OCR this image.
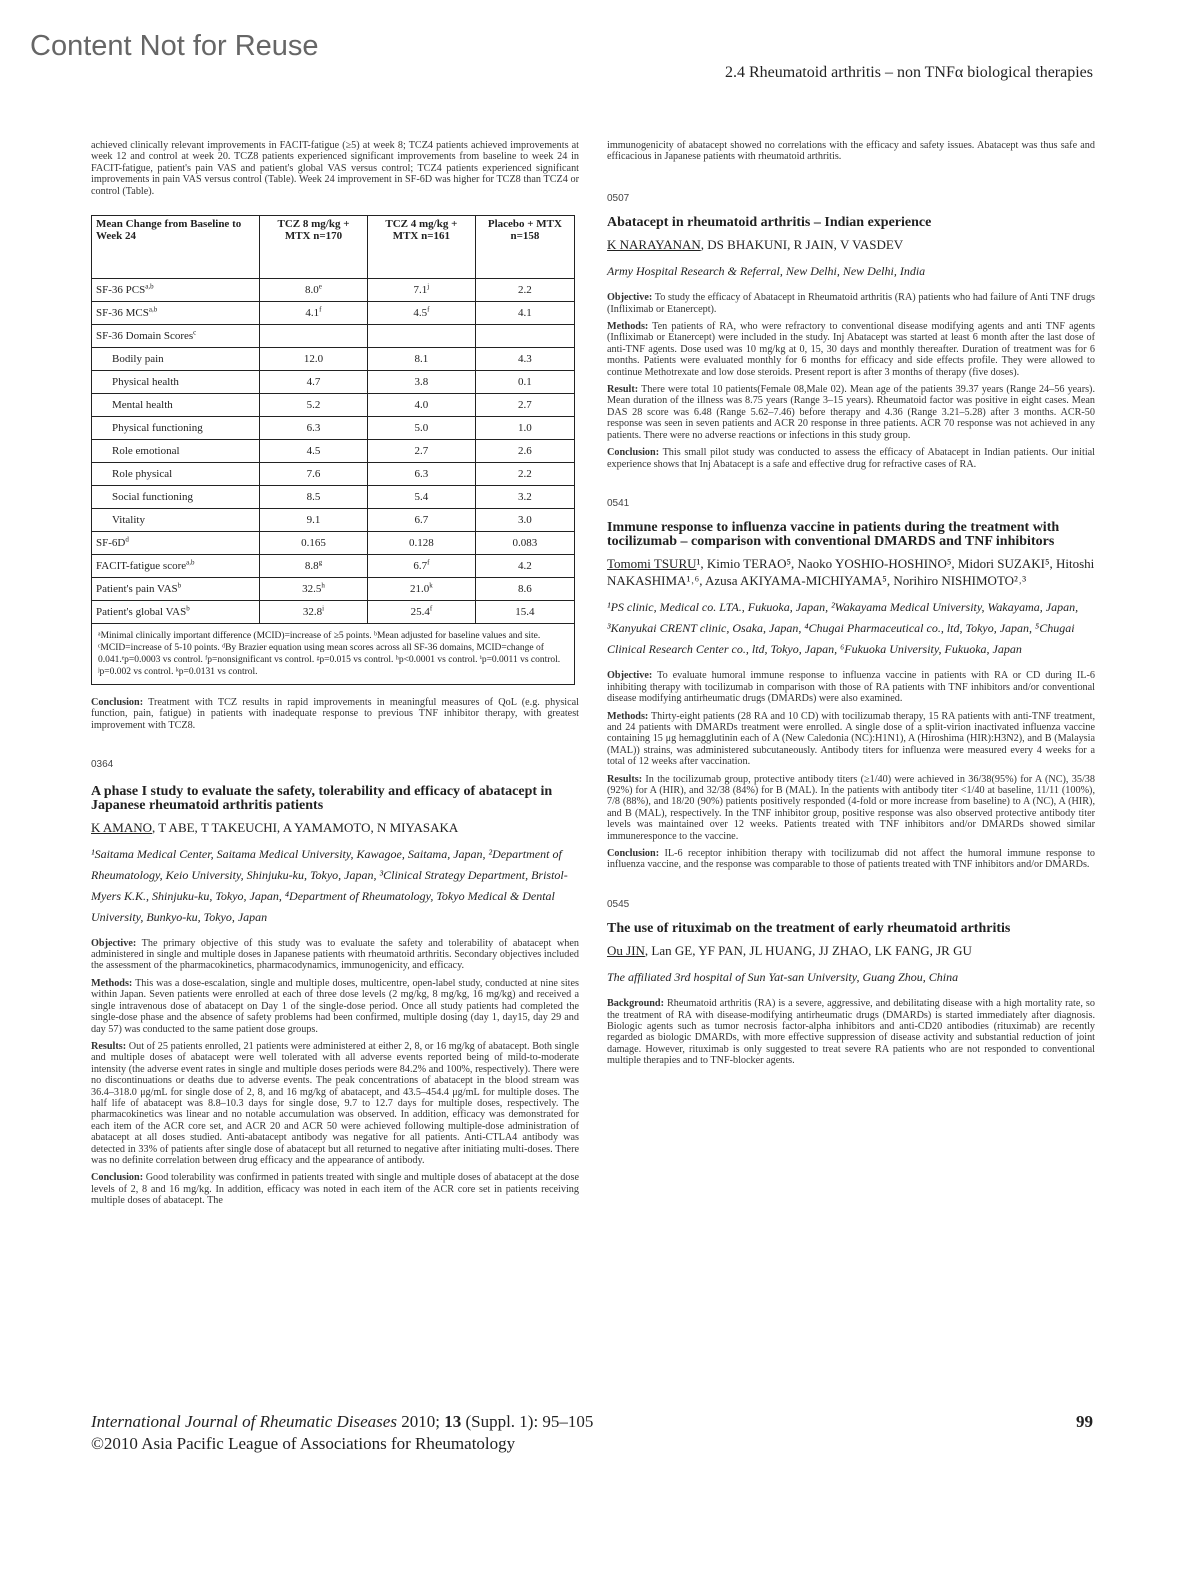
Content Not for Reuse
2.4 Rheumatoid arthritis – non TNFα biological therapies

achieved clinically relevant improvements in FACIT-fatigue (≥5) at week 8; TCZ4 patients achieved improvements at week 12 and control at week 20. TCZ8 patients experienced significant improvements from baseline to week 24 in FACIT-fatigue, patient's pain VAS and patient's global VAS versus control; TCZ4 patients experienced significant improvements in pain VAS versus control (Table). Week 24 improvement in SF-6D was higher for TCZ8 than TCZ4 or control (Table).

Mean Change from Baseline to Week 24	TCZ 8 mg/kg + MTX n=170	TCZ 4 mg/kg + MTX n=161	Placebo + MTX n=158
SF-36 PCS$^{a,b}$	8.0e	7.1$^j$	2.2
SF-36 MCS$^{a,b}$	4.1$^f$	4.5$^f$	4.1
SF-36 Domain Scores$^c$			
Bodily pain	12.0	8.1	4.3
Physical health	4.7	3.8	0.1
Mental health	5.2	4.0	2.7
Physical functioning	6.3	5.0	1.0
Role emotional	4.5	2.7	2.6
Role physical	7.6	6.3	2.2
Social functioning	8.5	5.4	3.2
Vitality	9.1	6.7	3.0
$SF-6D^d$	0.165	0.128	0.083
FACIT-fatigue score$^{a,b}$	8.8$^g$	6.7$^f$	4.2
Patient's pain VAS$^b$	32.5$^h$	21.0$^k$	8.6
Patient's global VAS$^b$	32.8$^i$	25.4$^f$	15.4
ᵃMinimal clinically important difference (MCID)=increase of ≥5 points. ᵇMean adjusted for baseline values and site. ᶜMCID=increase of 5-10 points. ᵈBy Brazier equation using mean scores across all SF-36 domains, MCID=change of 0.041.ᵉp=0.0003 vs control. ᶠp=nonsignificant vs control. ᵍp=0.015 vs control. ʰp<0.0001 vs control. ⁱp=0.0011 vs control. ʲp=0.002 vs control. ᵏp=0.0131 vs control.			

Conclusion: Treatment with TCZ results in rapid improvements in meaningful measures of QoL (e.g. physical function, pain, fatigue) in patients with inadequate response to previous TNF inhibitor therapy, with greatest improvement with TCZ8.

0364

A phase I study to evaluate the safety, tolerability and efficacy of abatacept in Japanese rheumatoid arthritis patients

K AMANO, T ABE, T TAKEUCHI, A YAMAMOTO, N MIYASAKA

¹Saitama Medical Center, Saitama Medical University, Kawagoe, Saitama, Japan, ²Department of Rheumatology, Keio University, Shinjuku-ku, Tokyo, Japan, ³Clinical Strategy Department, Bristol-Myers K.K., Shinjuku-ku, Tokyo, Japan, ⁴Department of Rheumatology, Tokyo Medical & Dental University, Bunkyo-ku, Tokyo, Japan

Objective: The primary objective of this study was to evaluate the safety and tolerability of abatacept when administered in single and multiple doses in Japanese patients with rheumatoid arthritis. Secondary objectives included the assessment of the pharmacokinetics, pharmacodynamics, immunogenicity, and efficacy.

Methods: This was a dose-escalation, single and multiple doses, multicentre, open-label study, conducted at nine sites within Japan. Seven patients were enrolled at each of three dose levels (2 mg/kg, 8 mg/kg, 16 mg/kg) and received a single intravenous dose of abatacept on Day 1 of the single-dose period. Once all study patients had completed the single-dose phase and the absence of safety problems had been confirmed, multiple dosing (day 1, day15, day 29 and day 57) was conducted to the same patient dose groups.

Results: Out of 25 patients enrolled, 21 patients were administered at either 2, 8, or 16 mg/kg of abatacept. Both single and multiple doses of abatacept were well tolerated with all adverse events reported being of mild-to-moderate intensity (the adverse event rates in single and multiple doses periods were 84.2% and 100%, respectively). There were no discontinuations or deaths due to adverse events. The peak concentrations of abatacept in the blood stream was 36.4–318.0 μg/mL for single dose of 2, 8, and 16 mg/kg of abatacept, and 43.5–454.4 μg/mL for multiple doses. The half life of abatacept was 8.8–10.3 days for single dose, 9.7 to 12.7 days for multiple doses, respectively. The pharmacokinetics was linear and no notable accumulation was observed. In addition, efficacy was demonstrated for each item of the ACR core set, and ACR 20 and ACR 50 were achieved following multiple-dose administration of abatacept at all doses studied. Anti-abatacept antibody was negative for all patients. Anti-CTLA4 antibody was detected in 33% of patients after single dose of abatacept but all returned to negative after initiating multi-doses. There was no definite correlation between drug efficacy and the appearance of antibody.

Conclusion: Good tolerability was confirmed in patients treated with single and multiple doses of abatacept at the dose levels of 2, 8 and 16 mg/kg. In addition, efficacy was noted in each item of the ACR core set in patients receiving multiple doses of abatacept. The

immunogenicity of abatacept showed no correlations with the efficacy and safety issues. Abatacept was thus safe and efficacious in Japanese patients with rheumatoid arthritis.

0507

Abatacept in rheumatoid arthritis – Indian experience

K NARAYANAN, DS BHAKUNI, R JAIN, V VASDEV

Army Hospital Research & Referral, New Delhi, New Delhi, India

Objective: To study the efficacy of Abatacept in Rheumatoid arthritis (RA) patients who had failure of Anti TNF drugs (Infliximab or Etanercept).

Methods: Ten patients of RA, who were refractory to conventional disease modifying agents and anti TNF agents (Infliximab or Etanercept) were included in the study. Inj Abatacept was started at least 6 month after the last dose of anti-TNF agents. Dose used was 10 mg/kg at 0, 15, 30 days and monthly thereafter. Duration of treatment was for 6 months. Patients were evaluated monthly for 6 months for efficacy and side effects profile. They were allowed to continue Methotrexate and low dose steroids. Present report is after 3 months of therapy (five doses).

Result: There were total 10 patients(Female 08,Male 02). Mean age of the patients 39.37 years (Range 24–56 years). Mean duration of the illness was 8.75 years (Range 3–15 years). Rheumatoid factor was positive in eight cases. Mean DAS 28 score was 6.48 (Range 5.62–7.46) before therapy and 4.36 (Range 3.21–5.28) after 3 months. ACR-50 response was seen in seven patients and ACR 20 response in three patients. ACR 70 response was not achieved in any patients. There were no adverse reactions or infections in this study group.

Conclusion: This small pilot study was conducted to assess the efficacy of Abatacept in Indian patients. Our initial experience shows that Inj Abatacept is a safe and effective drug for refractive cases of RA.

0541

Immune response to influenza vaccine in patients during the treatment with tocilizumab – comparison with conventional DMARDS and TNF inhibitors

Tomomi TSURU¹, Kimio TERAO⁵, Naoko YOSHIO-HOSHINO⁵, Midori SUZAKI⁵, Hitoshi NAKASHIMA¹˒⁶, Azusa AKIYAMA-MICHIYAMA⁵, Norihiro NISHIMOTO²˒³

¹PS clinic, Medical co. LTA., Fukuoka, Japan, ²Wakayama Medical University, Wakayama, Japan, ³Kanyukai CRENT clinic, Osaka, Japan, ⁴Chugai Pharmaceutical co., ltd, Tokyo, Japan, ⁵Chugai Clinical Research Center co., ltd, Tokyo, Japan, ⁶Fukuoka University, Fukuoka, Japan

Objective: To evaluate humoral immune response to influenza vaccine in patients with RA or CD during IL-6 inhibiting therapy with tocilizumab in comparison with those of RA patients with TNF inhibitors and/or conventional disease modifying antirheumatic drugs (DMARDs) were also examined.

Methods: Thirty-eight patients (28 RA and 10 CD) with tocilizumab therapy, 15 RA patients with anti-TNF treatment, and 24 patients with DMARDs treatment were enrolled. A single dose of a split-virion inactivated influenza vaccine containing 15 μg hemagglutinin each of A (New Caledonia (NC):H1N1), A (Hiroshima (HIR):H3N2), and B (Malaysia (MAL)) strains, was administered subcutaneously. Antibody titers for influenza were measured every 4 weeks for a total of 12 weeks after vaccination.

Results: In the tocilizumab group, protective antibody titers (≥1/40) were achieved in 36/38(95%) for A (NC), 35/38 (92%) for A (HIR), and 32/38 (84%) for B (MAL). In the patients with antibody titer <1/40 at baseline, 11/11 (100%), 7/8 (88%), and 18/20 (90%) patients positively responded (4-fold or more increase from baseline) to A (NC), A (HIR), and B (MAL), respectively. In the TNF inhibitor group, positive response was also observed protective antibody titer levels was maintained over 12 weeks. Patients treated with TNF inhibitors and/or DMARDs showed similar immuneresponce to the vaccine.

Conclusion: IL-6 receptor inhibition therapy with tocilizumab did not affect the humoral immune response to influenza vaccine, and the response was comparable to those of patients treated with TNF inhibitors and/or DMARDs.

0545

The use of rituximab on the treatment of early rheumatoid arthritis

Ou JIN, Lan GE, YF PAN, JL HUANG, JJ ZHAO, LK FANG, JR GU

The affiliated 3rd hospital of Sun Yat-san University, Guang Zhou, China

Background: Rheumatoid arthritis (RA) is a severe, aggressive, and debilitating disease with a high mortality rate, so the treatment of RA with disease-modifying antirheumatic drugs (DMARDs) is started immediately after diagnosis. Biologic agents such as tumor necrosis factor-alpha inhibitors and anti-CD20 antibodies (rituximab) are recently regarded as biologic DMARDs, with more effective suppression of disease activity and substantial reduction of joint damage. However, rituximab is only suggested to treat severe RA patients who are not responded to conventional multiple therapies and to TNF-blocker agents.

International Journal of Rheumatic Diseases 2010; 13 (Suppl. 1): 95–105
©2010 Asia Pacific League of Associations for Rheumatology
99
